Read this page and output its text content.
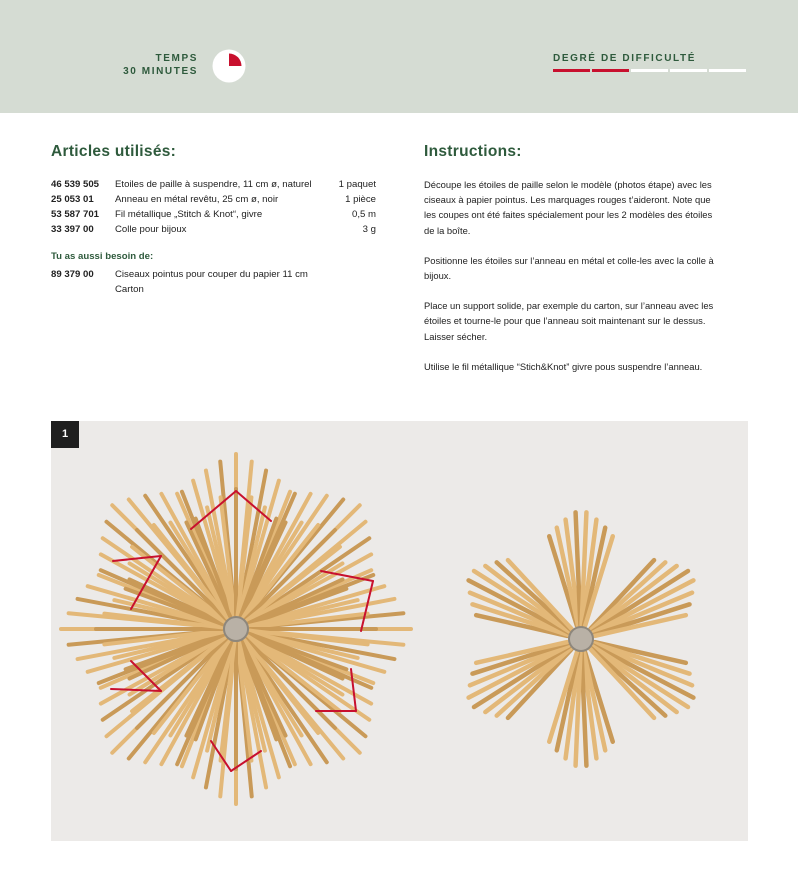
TEMPS
30 MINUTES
DEGRÉ DE DIFFICULTÉ
Articles utilisés:
46 539 505 Etoiles de paille à suspendre, 11 cm ø, naturel	1 paquet
25 053 01 Anneau en métal revêtu, 25 cm ø, noir	1 pièce
53 587 701 Fil métallique „Stitch & Knot“, givre	0,5 m
33 397 00 Colle pour bijoux	3 g
Tu as aussi besoin de:
89 379 00 Ciseaux pointus pour couper du papier 11 cm
Carton
Instructions:

Découpe les étoiles de paille selon le modèle (photos étape) avec les ciseaux à papier pointus. Les marquages rouges t’aideront. Note que les coupes ont été faites spécialement pour les 2 modèles des étoiles de la boîte.

Positionne les étoiles sur l’anneau en métal et colle-les avec la colle à bijoux.

Place un support solide, par exemple du carton, sur l’anneau avec les étoiles et tourne-le pour que l’anneau soit maintenant sur le dessus. Laisser sécher.

Utilise le fil métallique “Stich&Knot” givre pous suspendre l’anneau.

1
